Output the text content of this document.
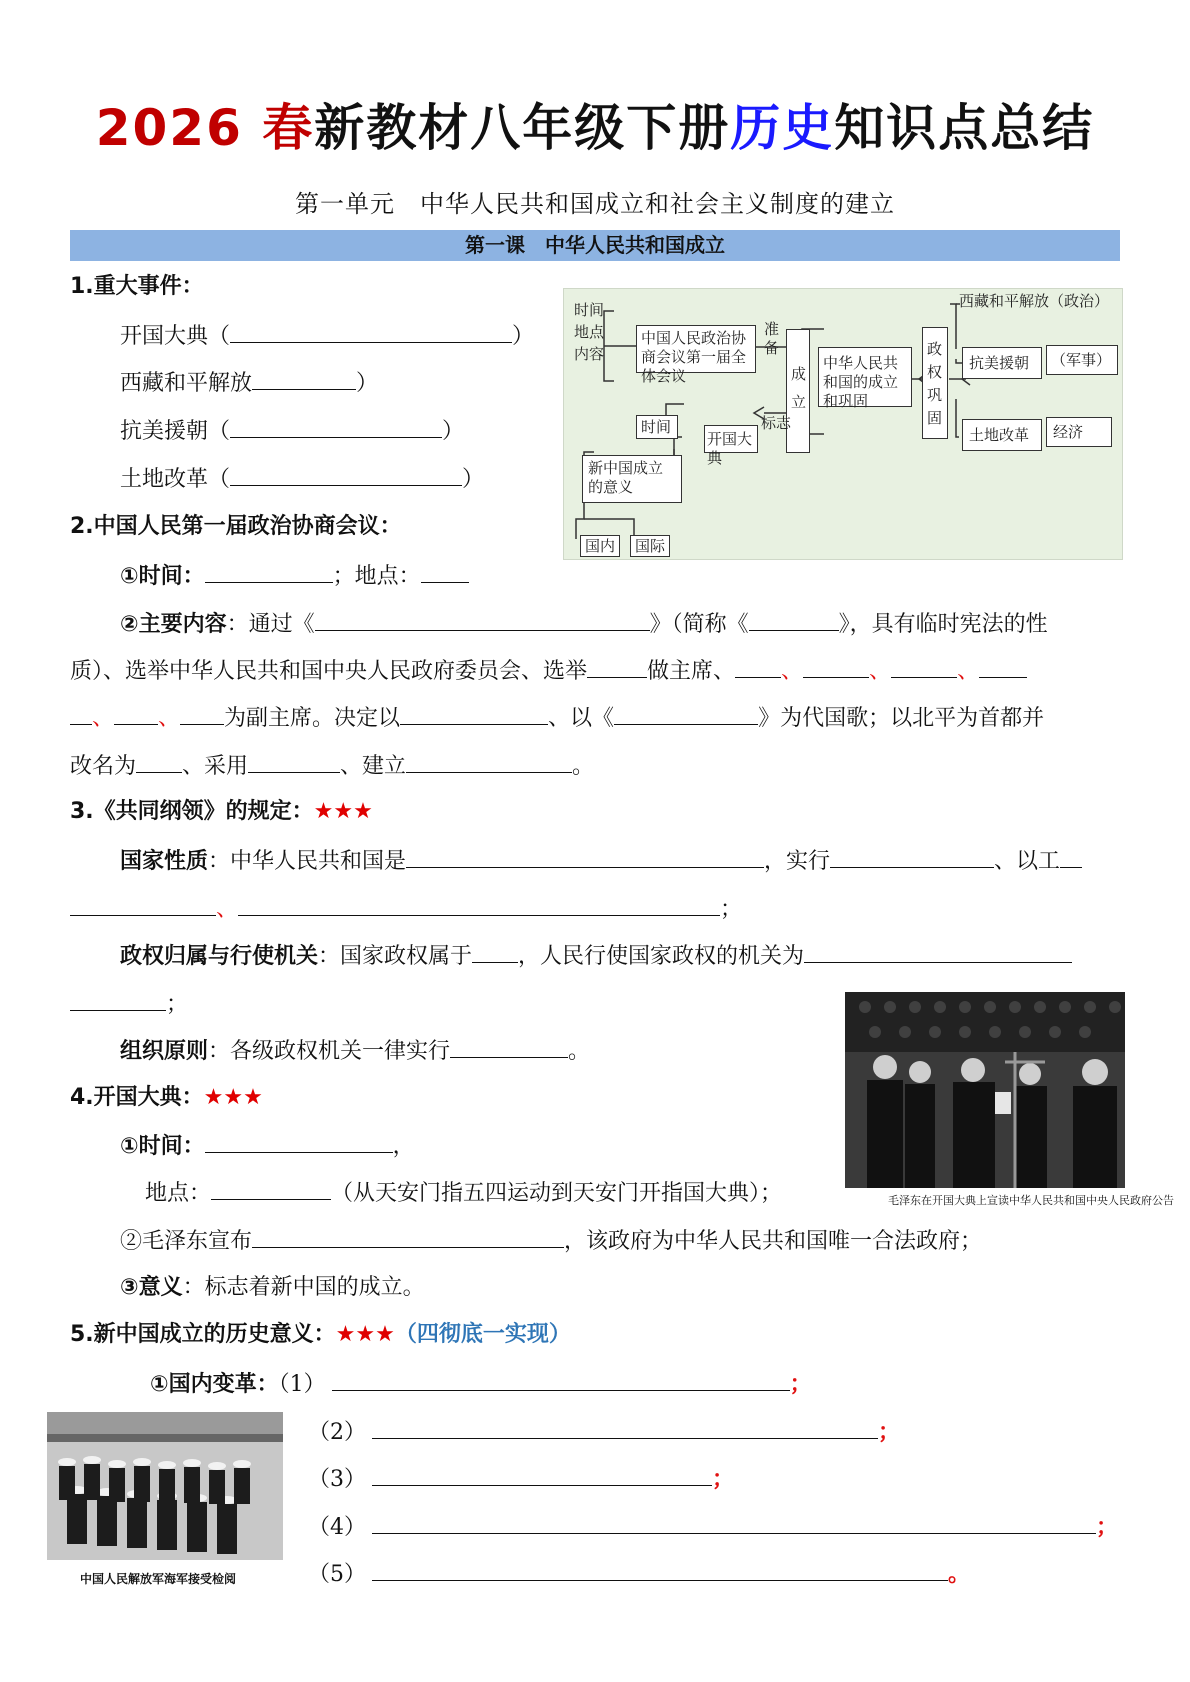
2026 春新教材八年级下册历史知识点总结
第一单元　中华人民共和国成立和社会主义制度的建立
第一课　中华人民共和国成立
1.重大事件：
开国大典（	）
西藏和平解放	）
抗美援朝（	）
土地改革（	）
时间
地点
内容
中国人民政治协商会议第一届全体会议
准备
成立
中华人民共和国的成立和巩固
政权巩固
西藏和平解放（政治）
抗美援朝	（军事）
土地改革	经济
时间
开国大典
标志
新中国成立的意义
国内	国际
2.中国人民第一届政治协商会议：
①时间：	；地点：
②主要内容：通过《	》（简称《	》，具有临时宪法的性
质）、选举中华人民共和国中央人民政府委员会、选举	做主席、 、	、	、
、 、 为副主席。决定以	、以《	》为代国歌；以北平为首都并
改名为 、采用	、建立	。
3.《共同纲领》的规定：★★★
国家性质：中华人民共和国是	，实行	、以工
、	；
政权归属与行使机关：国家政权属于 ，人民行使国家政权的机关为
；
组织原则：各级政权机关一律实行	。
毛泽东在开国大典上宣读中华人民共和国中央人民政府公告
4.开国大典：★★★
①时间：	，
地点：	（从天安门指五四运动到天安门开指国大典）；
②毛泽东宣布	，该政府为中华人民共和国唯一合法政府；
③意义：标志着新中国的成立。
5.新中国成立的历史意义：★★★（四彻底一实现）
①国内变革：（1）	；
（2）	；
（3）	；
（4）	；
（5）	。
中国人民解放军海军接受检阅
